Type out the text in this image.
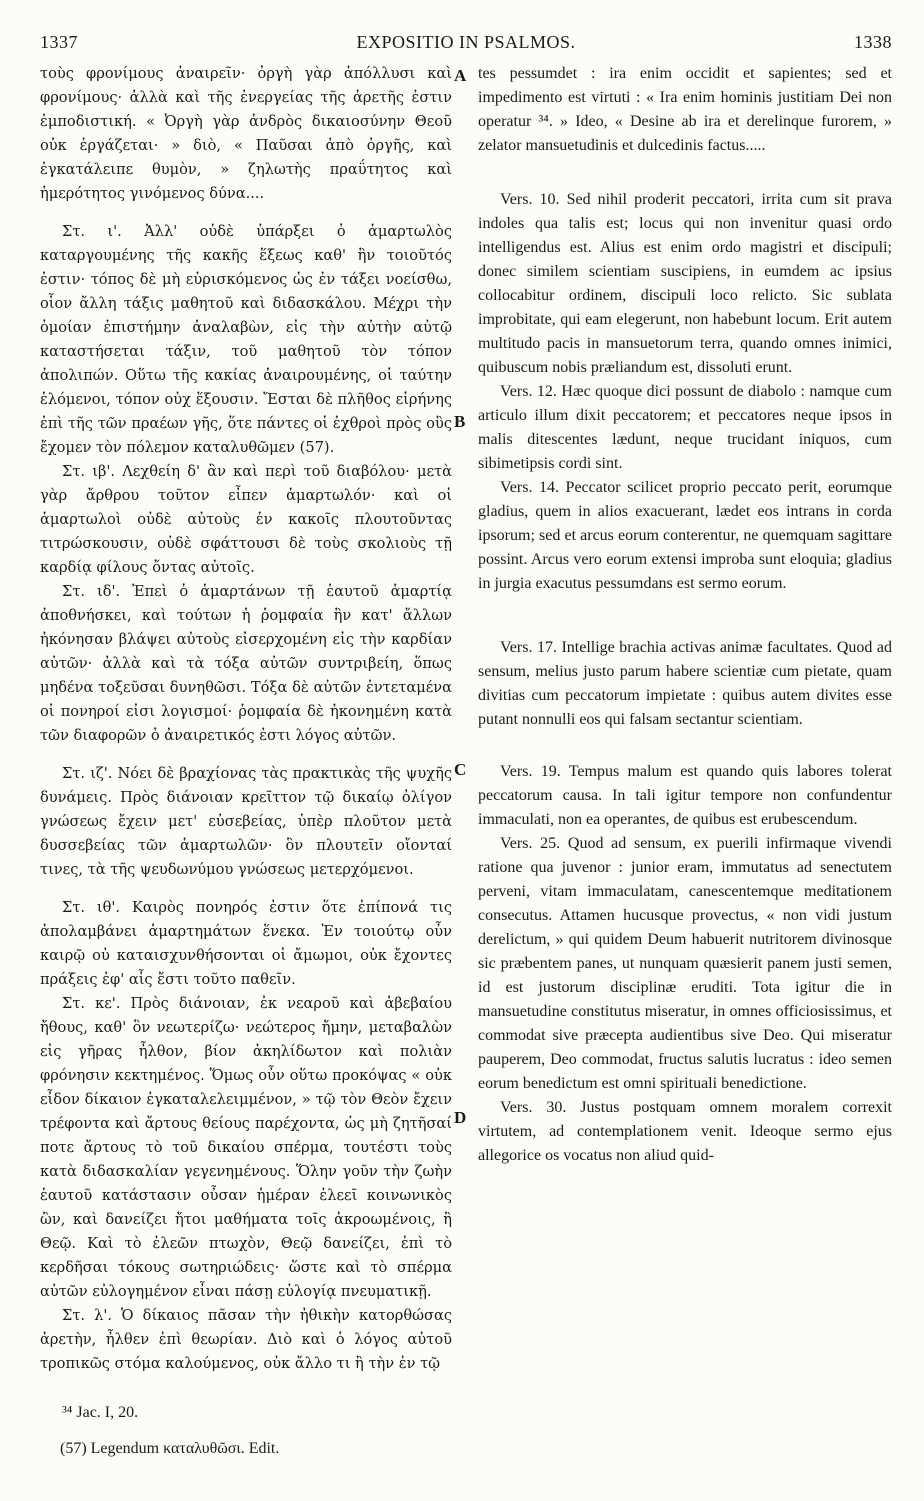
1337	EXPOSITIO IN PSALMOS.	1338

τοὺς φρονίμους ἀναιρεῖν· ὀργὴ γὰρ ἀπόλλυσι καὶ φρονίμους· ἀλλὰ καὶ τῆς ἐνεργείας τῆς ἀρετῆς ἐστιν ἐμποδιστική. « Ὀργὴ γὰρ ἀνδρὸς δικαιοσύνην Θεοῦ οὐκ ἐργάζεται· » διὸ, « Παῦσαι ἀπὸ ὀργῆς, καὶ ἐγκατάλειπε θυμὸν, » ζηλωτὴς πραΰτητος καὶ ἡμερότητος γινόμενος δύνα....

Στ. ι'. Ἀλλ' οὐδὲ ὑπάρξει ὁ ἁμαρτωλὸς καταργουμένης τῆς κακῆς ἕξεως καθ' ἣν τοιοῦτός ἐστιν· τόπος δὲ μὴ εὑρισκόμενος ὡς ἐν τάξει νοείσθω, οἷον ἄλλη τάξις μαθητοῦ καὶ διδασκάλου. Μέχρι τὴν ὁμοίαν ἐπιστήμην ἀναλαβὼν, εἰς τὴν αὐτὴν αὐτῷ καταστήσεται τάξιν, τοῦ μαθητοῦ τὸν τόπον ἀπολιπών. Οὕτω τῆς κακίας ἀναιρουμένης, οἱ ταύτην ἑλόμενοι, τόπον οὐχ ἕξουσιν. Ἔσται δὲ πλῆθος εἰρήνης ἐπὶ τῆς τῶν πραέων γῆς, ὅτε πάντες οἱ ἐχθροὶ πρὸς οὓς ἔχομεν τὸν πόλεμον καταλυθῶμεν (57).

Στ. ιβ'. Λεχθείη δ' ἂν καὶ περὶ τοῦ διαβόλου· μετὰ γὰρ ἄρθρου τοῦτον εἶπεν ἁμαρτωλόν· καὶ οἱ ἁμαρτωλοὶ οὐδὲ αὐτοὺς ἐν κακοῖς πλουτοῦντας τιτρώσκουσιν, οὐδὲ σφάττουσι δὲ τοὺς σκολιοὺς τῇ καρδίᾳ φίλους ὄντας αὐτοῖς.

Στ. ιδ'. Ἐπεὶ ὁ ἁμαρτάνων τῇ ἑαυτοῦ ἁμαρτίᾳ ἀποθνήσκει, καὶ τούτων ἡ ῥομφαία ἣν κατ' ἄλλων ἠκόνησαν βλάψει αὐτοὺς εἰσερχομένη εἰς τὴν καρδίαν αὐτῶν· ἀλλὰ καὶ τὰ τόξα αὐτῶν συντριβείη, ὅπως μηδένα τοξεῦσαι δυνηθῶσι. Τόξα δὲ αὐτῶν ἐντεταμένα οἱ πονηροί εἰσι λογισμοί· ῥομφαία δὲ ἠκονημένη κατὰ τῶν διαφορῶν ὁ ἀναιρετικός ἐστι λόγος αὐτῶν.

Στ. ιζ'. Νόει δὲ βραχίονας τὰς πρακτικὰς τῆς ψυχῆς δυνάμεις. Πρὸς διάνοιαν κρεῖττον τῷ δικαίῳ ὀλίγον γνώσεως ἔχειν μετ' εὐσεβείας, ὑπὲρ πλοῦτον μετὰ δυσσεβείας τῶν ἁμαρτωλῶν· ὃν πλουτεῖν οἴονταί τινες, τὰ τῆς ψευδωνύμου γνώσεως μετερχόμενοι.

Στ. ιθ'. Καιρὸς πονηρός ἐστιν ὅτε ἐπίπονά τις ἀπολαμβάνει ἁμαρτημάτων ἕνεκα. Ἐν τοιούτῳ οὖν καιρῷ οὐ καταισχυνθήσονται οἱ ἄμωμοι, οὐκ ἔχοντες πράξεις ἐφ' αἷς ἔστι τοῦτο παθεῖν.

Στ. κε'. Πρὸς διάνοιαν, ἐκ νεαροῦ καὶ ἀβεβαίου ἤθους, καθ' ὃν νεωτερίζω· νεώτερος ἤμην, μεταβαλὼν εἰς γῆρας ἦλθον, βίον ἀκηλίδωτον καὶ πολιὰν φρόνησιν κεκτημένος. Ὅμως οὖν οὕτω προκόψας « οὐκ εἶδον δίκαιον ἐγκαταλελειμμένον, » τῷ τὸν Θεὸν ἔχειν τρέφοντα καὶ ἄρτους θείους παρέχοντα, ὡς μὴ ζητῆσαί ποτε ἄρτους τὸ τοῦ δικαίου σπέρμα, τουτέστι τοὺς κατὰ διδασκαλίαν γεγενημένους. Ὅλην γοῦν τὴν ζωὴν ἑαυτοῦ κατάστασιν οὖσαν ἡμέραν ἐλεεῖ κοινωνικὸς ὢν, καὶ δανείζει ἤτοι μαθήματα τοῖς ἀκροωμένοις, ἢ Θεῷ. Καὶ τὸ ἐλεῶν πτωχὸν, Θεῷ δανείζει, ἐπὶ τὸ κερδῆσαι τόκους σωτηριώδεις· ὥστε καὶ τὸ σπέρμα αὐτῶν εὐλογημένον εἶναι πάσῃ εὐλογίᾳ πνευματικῇ.

Στ. λ'. Ὁ δίκαιος πᾶσαν τὴν ἠθικὴν κατορθώσας ἀρετὴν, ἦλθεν ἐπὶ θεωρίαν. Διὸ καὶ ὁ λόγος αὐτοῦ τροπικῶς στόμα καλούμενος, οὐκ ἄλλο τι ἢ τὴν ἐν τῷ

tes pessumdet : ira enim occidit et sapientes; sed et impedimento est virtuti : « Ira enim hominis justitiam Dei non operatur ³⁴. » Ideo, « Desine ab ira et derelinque furorem, » zelator mansuetudinis et dulcedinis factus.....

Vers. 10. Sed nihil proderit peccatori, irrita cum sit prava indoles qua talis est; locus qui non invenitur quasi ordo intelligendus est. Alius est enim ordo magistri et discipuli; donec similem scientiam suscipiens, in eumdem ac ipsius collocabitur ordinem, discipuli loco relicto. Sic sublata improbitate, qui eam elegerunt, non habebunt locum. Erit autem multitudo pacis in mansuetorum terra, quando omnes inimici, quibuscum nobis præliandum est, dissoluti erunt.

Vers. 12. Hæc quoque dici possunt de diabolo : namque cum articulo illum dixit peccatorem; et peccatores neque ipsos in malis ditescentes lædunt, neque trucidant iniquos, cum sibimetipsis cordi sint.

Vers. 14. Peccator scilicet proprio peccato perit, eorumque gladius, quem in alios exacuerant, lædet eos intrans in corda ipsorum; sed et arcus eorum conterentur, ne quemquam sagittare possint. Arcus vero eorum extensi improba sunt eloquia; gladius in jurgia exacutus pessumdans est sermo eorum.

Vers. 17. Intellige brachia activas animæ facultates. Quod ad sensum, melius justo parum habere scientiæ cum pietate, quam divitias cum peccatorum impietate : quibus autem divites esse putant nonnulli eos qui falsam sectantur scientiam.

Vers. 19. Tempus malum est quando quis labores tolerat peccatorum causa. In tali igitur tempore non confundentur immaculati, non ea operantes, de quibus est erubescendum.

Vers. 25. Quod ad sensum, ex puerili infirmaque vivendi ratione qua juvenor : junior eram, immutatus ad senectutem perveni, vitam immaculatam, canescentemque meditationem consecutus. Attamen hucusque provectus, « non vidi justum derelictum, » qui quidem Deum habuerit nutritorem divinosque sic præbentem panes, ut nunquam quæsierit panem justi semen, id est justorum disciplinæ eruditi. Tota igitur die in mansuetudine constitutus miseratur, in omnes officiosissimus, et commodat sive præcepta audientibus sive Deo. Qui miseratur pauperem, Deo commodat, fructus salutis lucratus : ideo semen eorum benedictum est omni spirituali benedictione.

Vers. 30. Justus postquam omnem moralem correxit virtutem, ad contemplationem venit. Ideoque sermo ejus allegorice os vocatus non aliud quid-

A
B
C
D
³⁴ Jac. I, 20.
(57) Legendum καταλυθῶσι. Edit.
